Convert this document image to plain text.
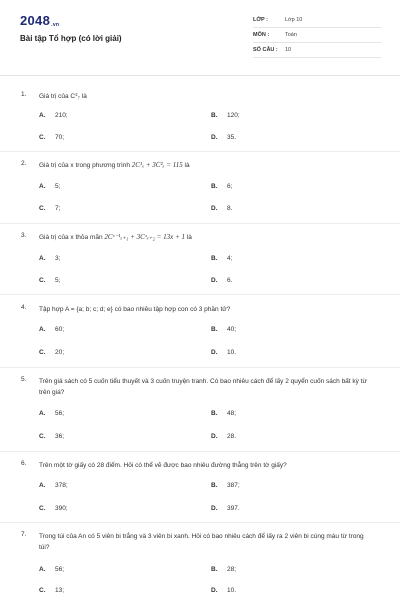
2048.vn
Bài tập Tổ hợp (có lời giải)
LỚP :	Lớp 10
MÔN :	Toán
SỐ CÂU : 10
1. Giá trị của C⁵₇ là
A. 210;	B. 120;
C. 70;	D. 35.
2. Giá trị của x trong phương trình 2C¹ₓ + 3C²ₓ = 115 là
A. 5;	B. 6;
C. 7;	D. 8.
3. Giá trị của x thỏa mãn 2Cˣ⁻¹ₓ₊₁ + 3Cˣₓ₊₂ = 13x + 1 là
A. 3;	B. 4;
C. 5;	D. 6.
4. Tập hợp A = {a; b; c; d; e} có bao nhiêu tập hợp con có 3 phần tử?
A. 60;	B. 40;
C. 20;	D. 10.
5. Trên giá sách có 5 cuốn tiểu thuyết và 3 cuốn truyện tranh. Có bao nhiêu cách để lấy 2 quyển cuốn sách bất kỳ từ trên giá?
A. 56;	B. 48;
C. 36;	D. 28.
6. Trên một tờ giấy có 28 điểm. Hỏi có thể vẽ được bao nhiêu đường thẳng trên tờ giấy?
A. 378;	B. 387;
C. 390;	D. 397.
7. Trong túi của An có 5 viên bi trắng và 3 viên bi xanh. Hỏi có bao nhiêu cách để lấy ra 2 viên bi cùng màu từ trong túi?
A. 56;	B. 28;
C. 13;	D. 10.
